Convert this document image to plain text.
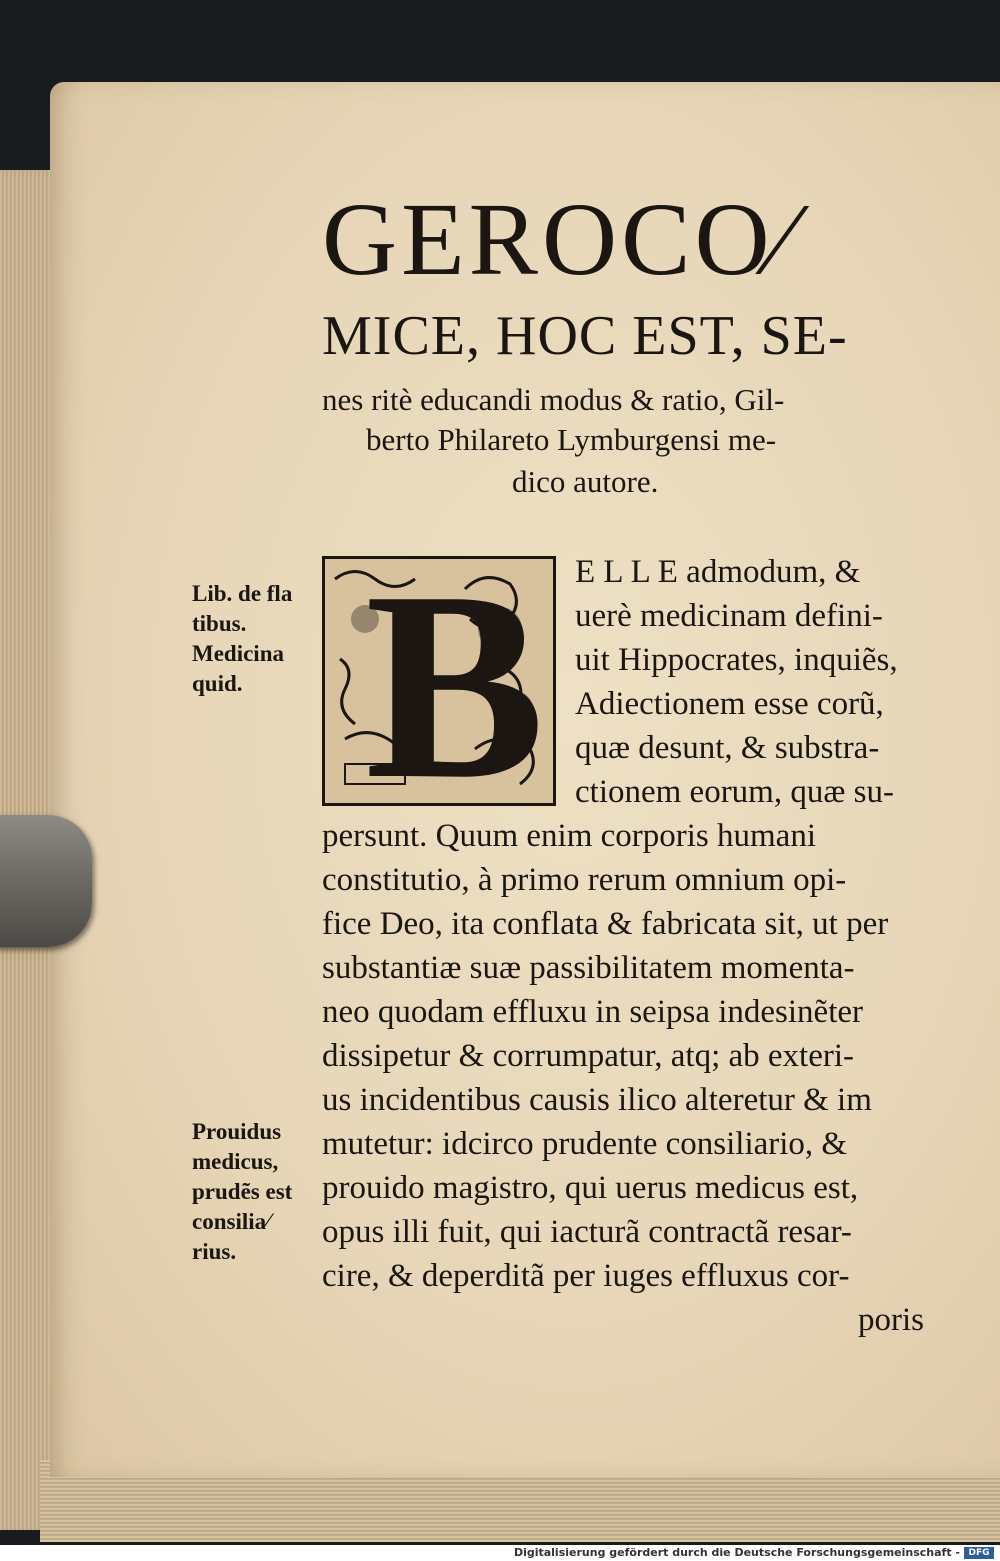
GEROCO⁄
MICE, HOC EST, SE-
nes ritè educandi modus & ratio, Gil-
berto Philareto Lymburgensi me-
dico autore.
B E L L E admodum, &
uerè medicinam defini-
uit Hippocrates, inquiẽs,
Adiectionem esse corũ,
quæ desunt, & substra-
ctionem eorum, quæ su-
persunt. Quum enim corporis humani
constitutio, à primo rerum omnium opi-
fice Deo, ita conflata & fabricata sit, ut per
substantiæ suæ passibilitatem momenta-
neo quodam effluxu in seipsa indesinẽter
dissipetur & corrumpatur, atq; ab exteri-
us incidentibus causis ilico alteretur & im
mutetur: idcirco prudente consiliario, &
prouido magistro, qui uerus medicus est,
opus illi fuit, qui iacturã contractã resar-
cire, & deperditã per iuges effluxus cor-
poris
Lib. de fla
tibus.
Medicina
quid.
Prouidus
medicus,
prudẽs est
consilia⁄
rius.
Digitalisierung gefördert durch die Deutsche Forschungsgemeinschaft - DFG
